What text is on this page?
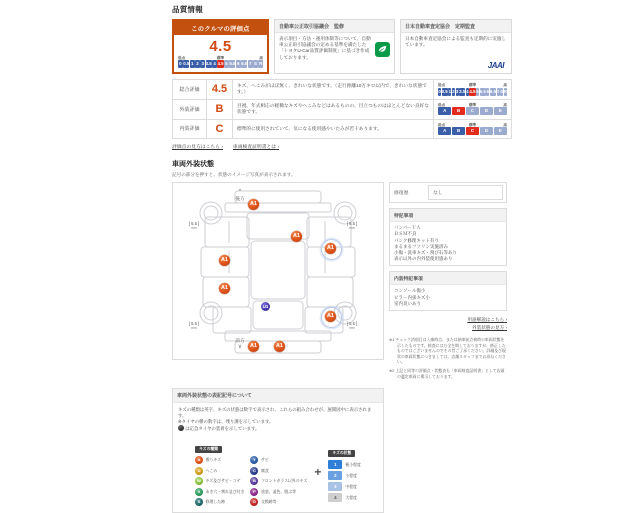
品質情報
このクルマの評価点
4.5
低点	標準	高
0 0.5 1 2 3 3.5 4 4.5 5 5.5 6 6.5 7 S R
自動車公正取引協議会　監修

表示項目・方法・運用体制等について、自動車公正取引協議会の定める基準を満たした「トヨタU-Car品質評価制度」に基づき作成しております。

日本自動車査定協会　定期監査

日本自動車査定協会による監査も定期的に実施しています。

JAAI
総合評価	4.5	キズ、へこみがほぼ無く、きれいな状態です。（走行距離10万キロ以内で、きれいな状態です。）	
低点	標準	高
0 0.5 1 2 3 3.5 4 4.5 5 5.5 6 6.5 7 S R

外装評価	B	目視、年式相応の軽微なキズやへこみなどはあるものの、目立つものはほとんどない良好な状態です。	
低点	標準	高
A	B	C	D	E

内装評価	C	標準的に使用されていて、気になる使用感やいたみが若干あります。	
低点	標準	高
A	B	C	D	E
評価点の見方はこちら ›	車両検査証明書とは ›
車両外装状態
記号の部分を押すと、状態のイメージ写真が表示されます。
^
後方
前方
∨
[ 5.5 ]
mm
[ 6.5 ]
mm
[ 5.5 ]
mm
[ 5.5 ]
mm
A1
A1
A1
A1
A1
U1
A1
A1	A1
修復歴	なし
特記事項
バンパーＴＡ
ＢＳＭ不良
パンク修理キット有り
まるまるフソリン実施済み
小傷・洗車キズ・飛び石等あり
表示以外の内外装使用感あり
内装特記事項
コンソール傷小
ピラー内張キズ小
室内臭いあり
用語解説はこちら ›
外装状態の見方 ›

※1 チェック済項目は入庫時点、または納車前点検時の車両状態を示したものです。検査には万全を期しておりますが、修正したものではございませんのでその旨ご了承ください。詳細及び現状の車両状態につきましては、店舗スタッフまでお尋ねください。

※2 上記と同等の評価点・状態表も「車両検査証明書」として店頭の選定車両に掲示しております。

車両外装状態の表記記号について

キズの種類は英字、キズの状態は数字で表示され、これらの組み合わせが、展開図中に表示されます。
※タイヤの横の数字は、残り溝を示しています。
は応急タイヤの装着を示しています。

キズの種類
A	擦りキズ
U	へこみ
W	キズ及びサビ・コゲ
X	あき穴・割れ及び付き
S	修理した跡
Y	サビ
C	腐食
B	フロントガラス以外のキズ
P	塗装、退色、脱ぶ等
G	交換跡等
+
キズの状態
1	極小程度
2	小程度
3	中程度
4	大程度
